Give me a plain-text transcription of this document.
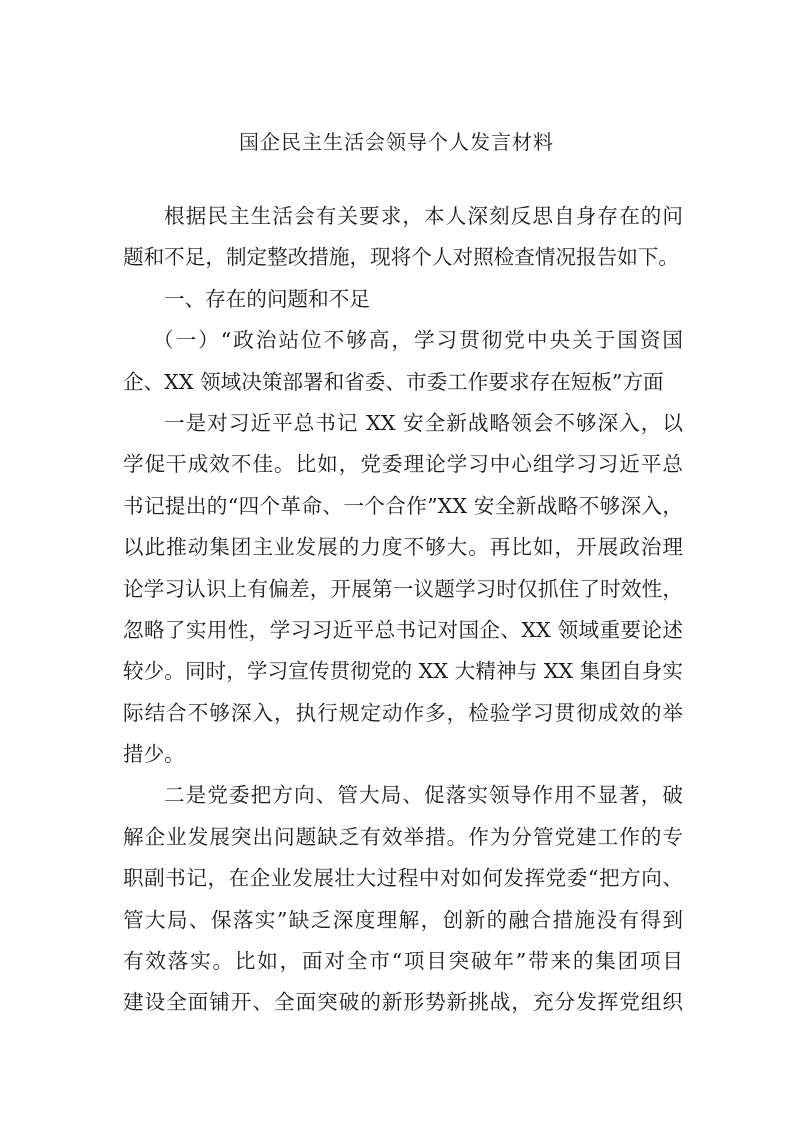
国企民主生活会领导个人发言材料
根据民主生活会有关要求，本人深刻反思自身存在的问
题和不足，制定整改措施，现将个人对照检查情况报告如下。
一、存在的问题和不足
（一）“政治站位不够高，学习贯彻党中央关于国资国
企、XX 领域决策部署和省委、市委工作要求存在短板”方面
一是对习近平总书记 XX 安全新战略领会不够深入，以
学促干成效不佳。比如，党委理论学习中心组学习习近平总
书记提出的“四个革命、一个合作”XX 安全新战略不够深入，
以此推动集团主业发展的力度不够大。再比如，开展政治理
论学习认识上有偏差，开展第一议题学习时仅抓住了时效性，
忽略了实用性，学习习近平总书记对国企、XX 领域重要论述
较少。同时，学习宣传贯彻党的 XX 大精神与 XX 集团自身实
际结合不够深入，执行规定动作多，检验学习贯彻成效的举
措少。
二是党委把方向、管大局、促落实领导作用不显著，破
解企业发展突出问题缺乏有效举措。作为分管党建工作的专
职副书记，在企业发展壮大过程中对如何发挥党委“把方向、
管大局、保落实”缺乏深度理解，创新的融合措施没有得到
有效落实。比如，面对全市“项目突破年”带来的集团项目
建设全面铺开、全面突破的新形势新挑战，充分发挥党组织
